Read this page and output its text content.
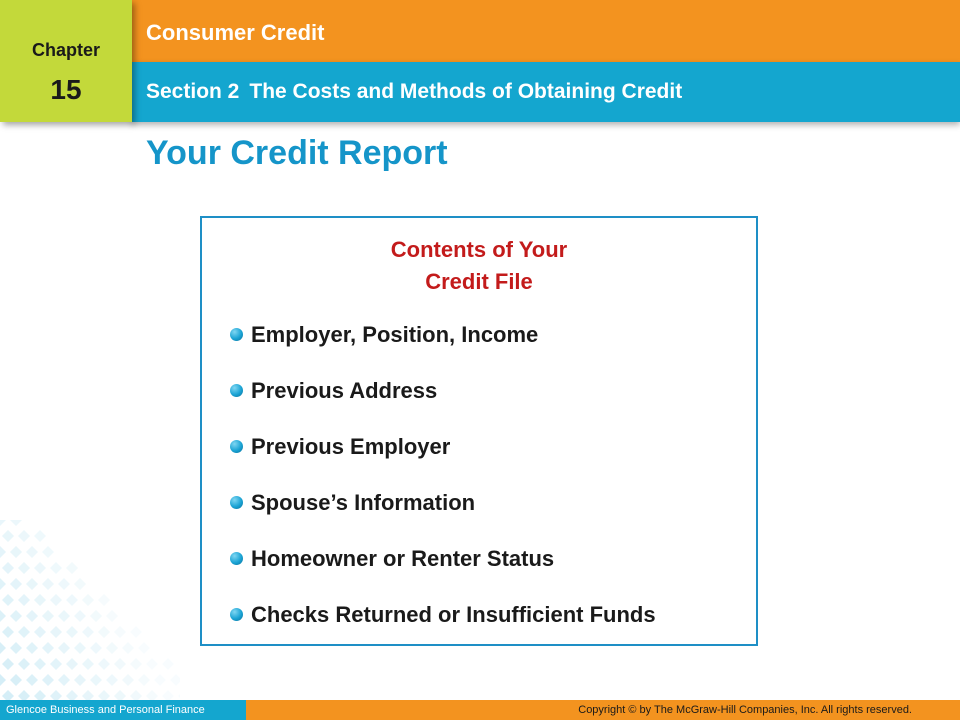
Chapter
15
Consumer Credit
Section 2 The Costs and Methods of Obtaining Credit
Your Credit Report
Contents of Your
Credit File
Employer, Position, Income
Previous Address
Previous Employer
Spouse’s Information
Homeowner or Renter Status
Checks Returned or Insufficient Funds
Glencoe Business and Personal Finance	Copyright © by The McGraw-Hill Companies, Inc. All rights reserved.
